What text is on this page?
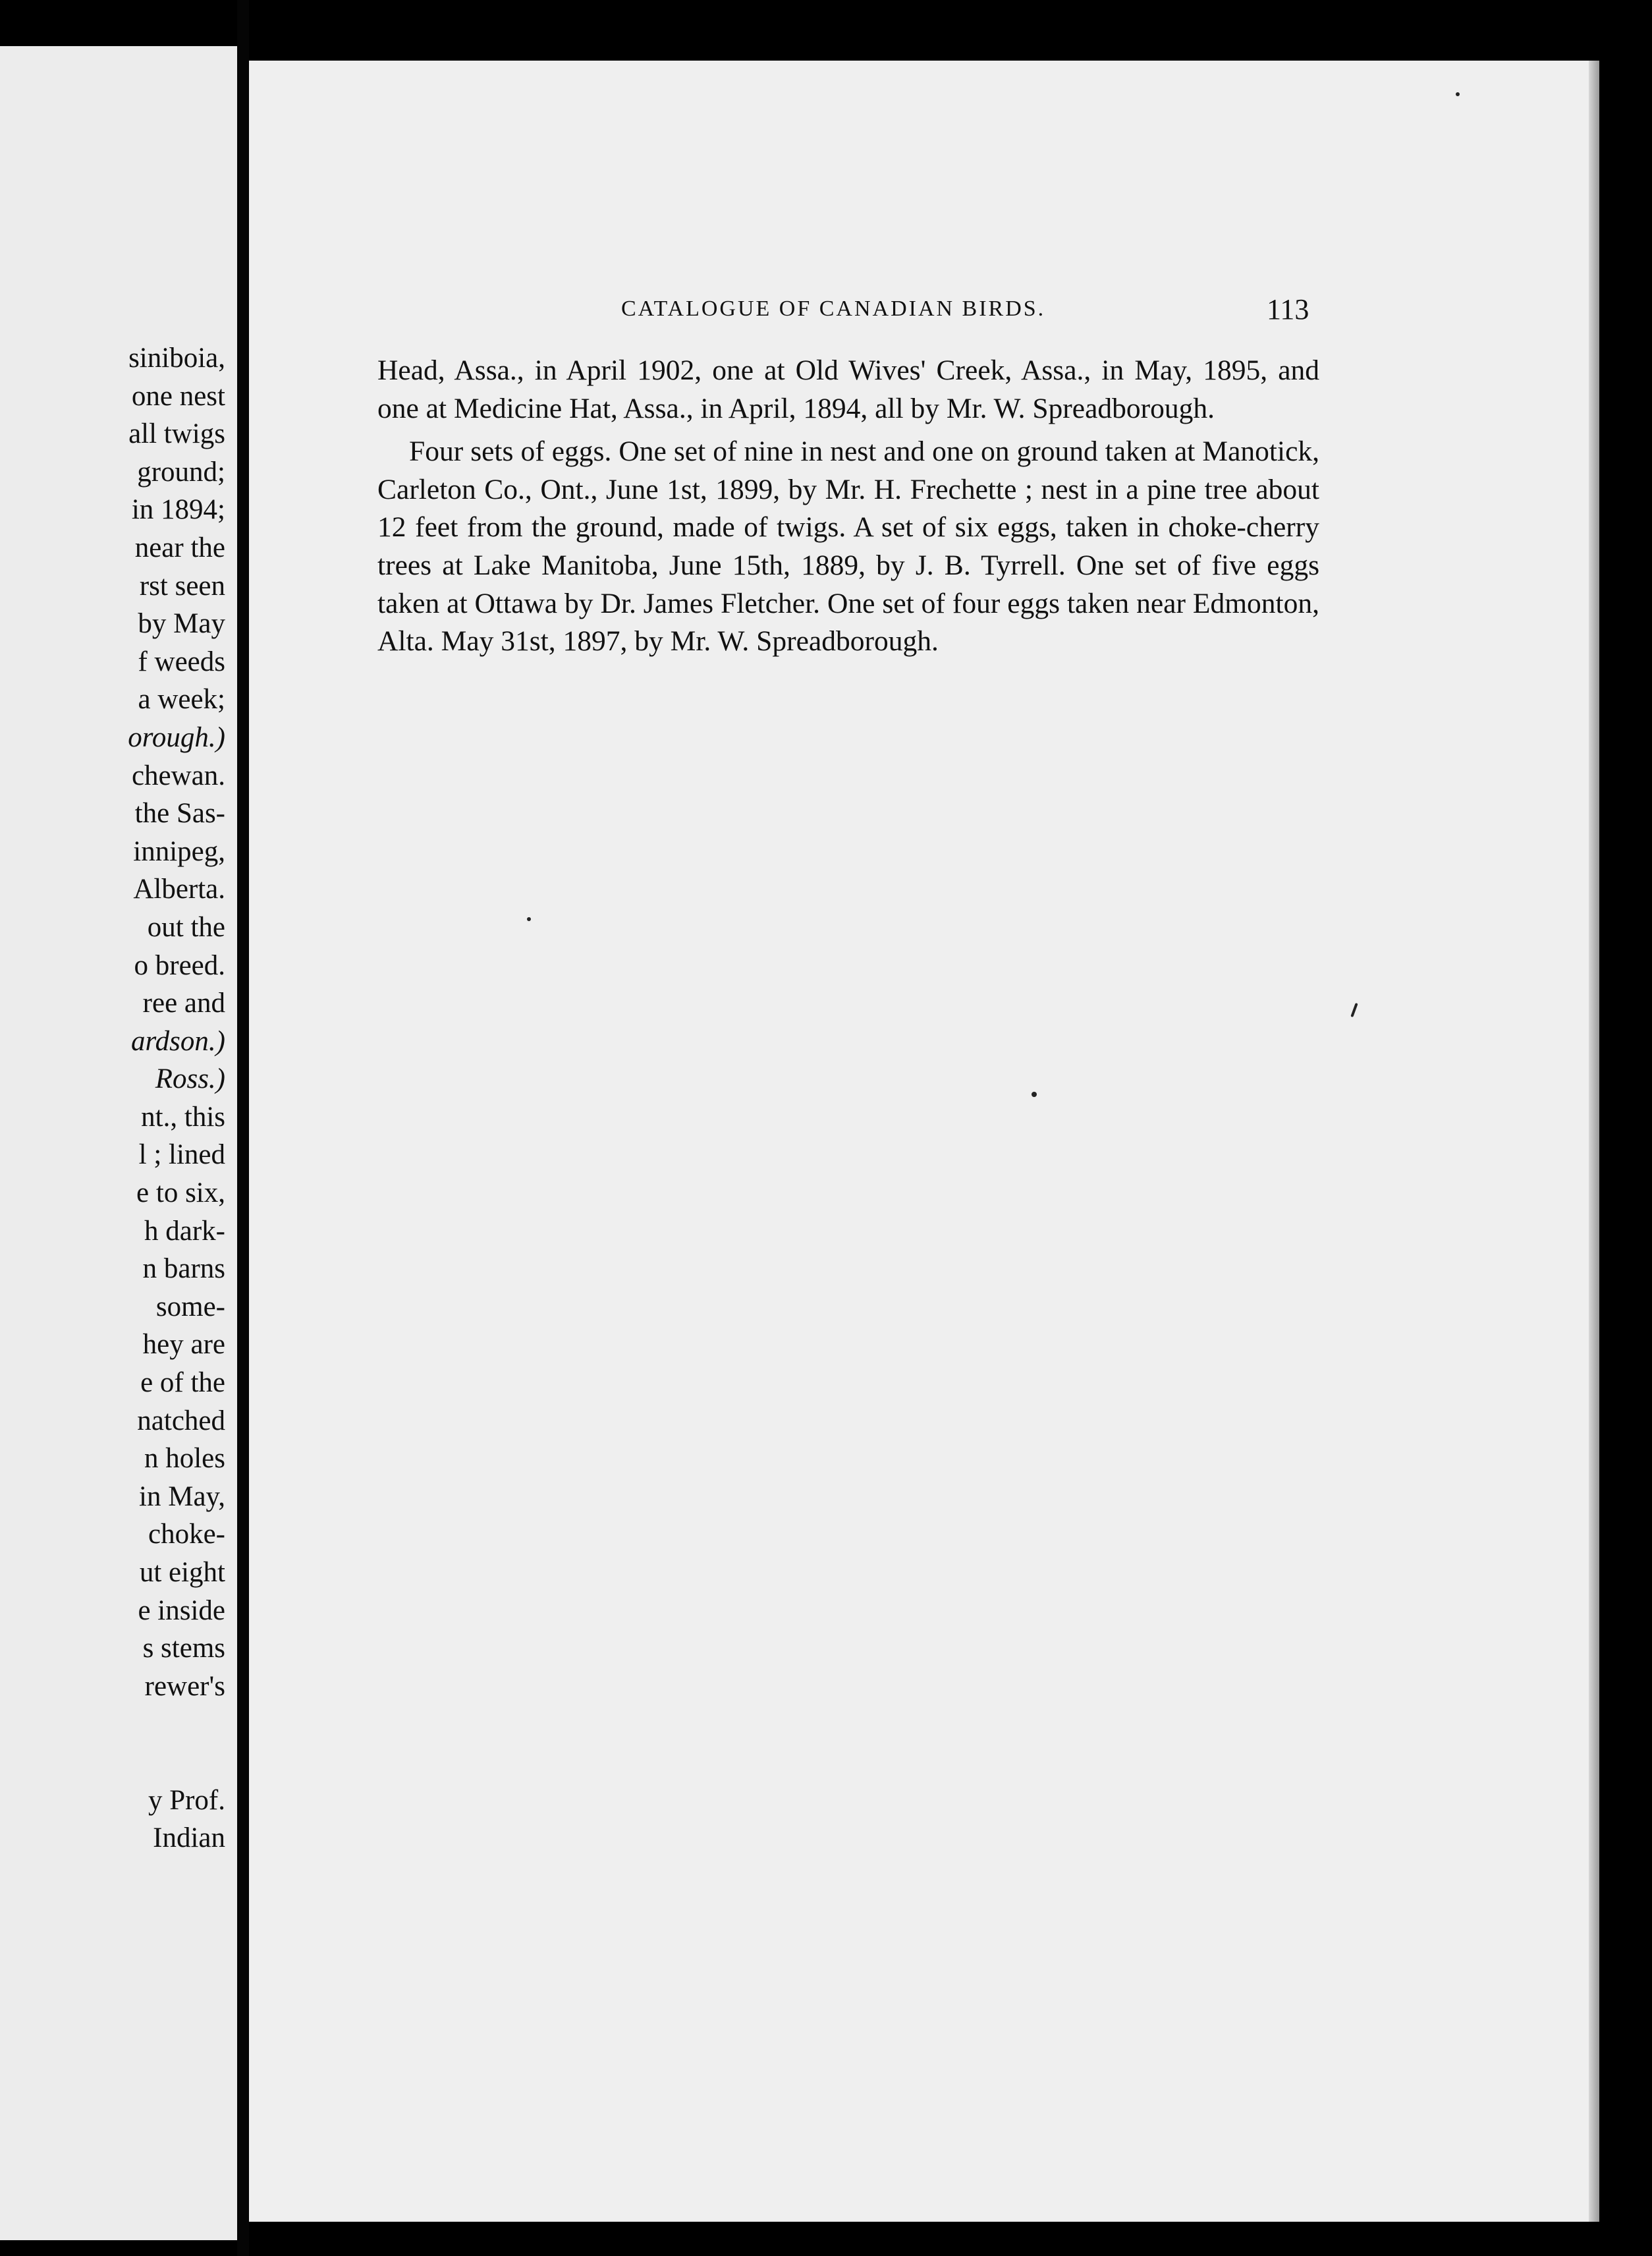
siniboia,
one nest
all twigs
ground;
in 1894;
near the
rst seen
by May
f weeds
a week;
orough.)
chewan.
the Sas-
innipeg,
Alberta.
out the
o breed.
ree and
ardson.)
Ross.)
nt., this
l ; lined
e to six,
h dark-
n barns
some-
hey are
e of the
natched
n holes
in May,
choke-
ut eight
e inside
s stems
rewer's
y Prof.
Indian
CATALOGUE OF CANADIAN BIRDS.	113

Head, Assa., in April 1902, one at Old Wives' Creek, Assa., in May, 1895, and one at Medicine Hat, Assa., in April, 1894, all by Mr. W. Spreadborough.

Four sets of eggs. One set of nine in nest and one on ground taken at Manotick, Carleton Co., Ont., June 1st, 1899, by Mr. H. Frechette ; nest in a pine tree about 12 feet from the ground, made of twigs. A set of six eggs, taken in choke-cherry trees at Lake Manitoba, June 15th, 1889, by J. B. Tyrrell. One set of five eggs taken at Ottawa by Dr. James Fletcher. One set of four eggs taken near Edmonton, Alta. May 31st, 1897, by Mr. W. Spreadborough.
